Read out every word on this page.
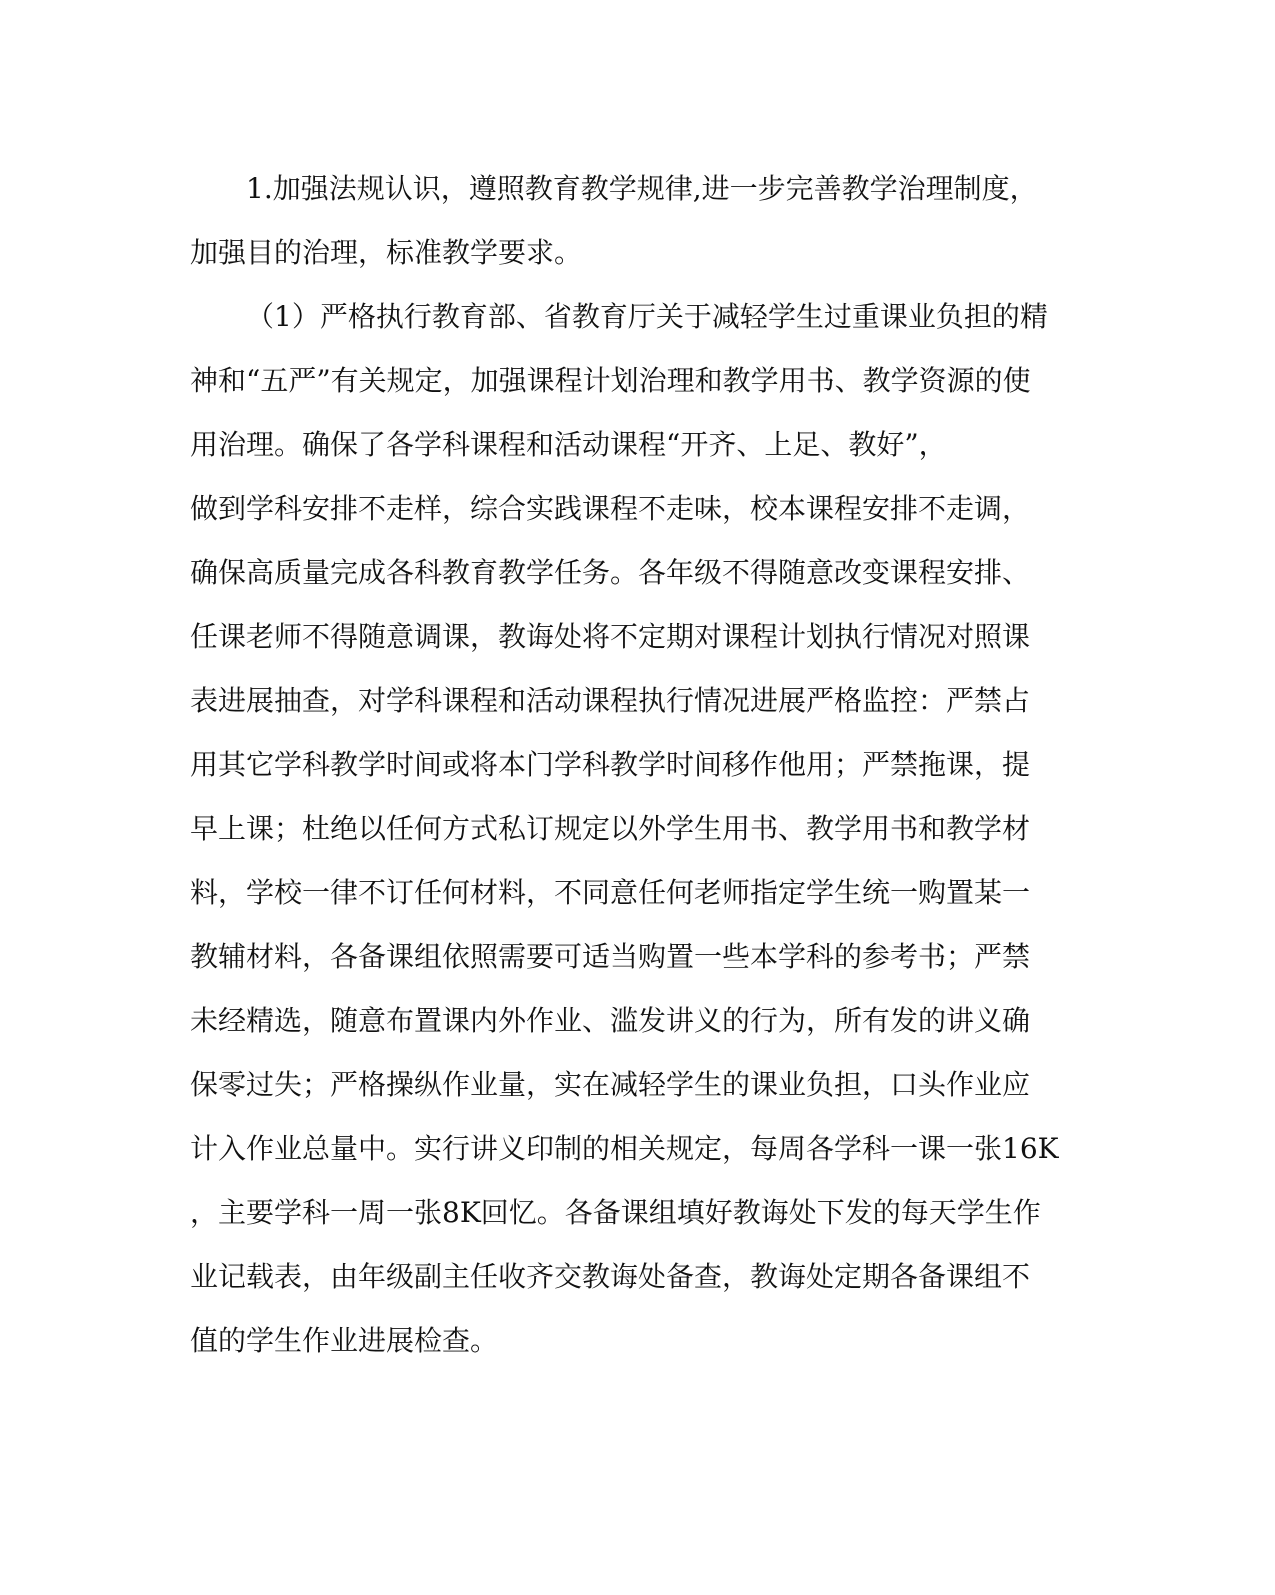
1.加强法规认识，遵照教育教学规律,进一步完善教学治理制度，
加强目的治理，标准教学要求。
（1）严格执行教育部、省教育厅关于减轻学生过重课业负担的精
神和“五严”有关规定，加强课程计划治理和教学用书、教学资源的使
用治理。确保了各学科课程和活动课程“开齐、上足、教好”，
做到学科安排不走样，综合实践课程不走味，校本课程安排不走调，
确保高质量完成各科教育教学任务。各年级不得随意改变课程安排、
任课老师不得随意调课，教诲处将不定期对课程计划执行情况对照课
表进展抽查，对学科课程和活动课程执行情况进展严格监控：严禁占
用其它学科教学时间或将本门学科教学时间移作他用；严禁拖课，提
早上课；杜绝以任何方式私订规定以外学生用书、教学用书和教学材
料，学校一律不订任何材料，不同意任何老师指定学生统一购置某一
教辅材料，各备课组依照需要可适当购置一些本学科的参考书；严禁
未经精选，随意布置课内外作业、滥发讲义的行为，所有发的讲义确
保零过失；严格操纵作业量，实在减轻学生的课业负担，口头作业应
计入作业总量中。实行讲义印制的相关规定，每周各学科一课一张16K
，主要学科一周一张8K回忆。各备课组填好教诲处下发的每天学生作
业记载表，由年级副主任收齐交教诲处备查，教诲处定期各备课组不
值的学生作业进展检查。
